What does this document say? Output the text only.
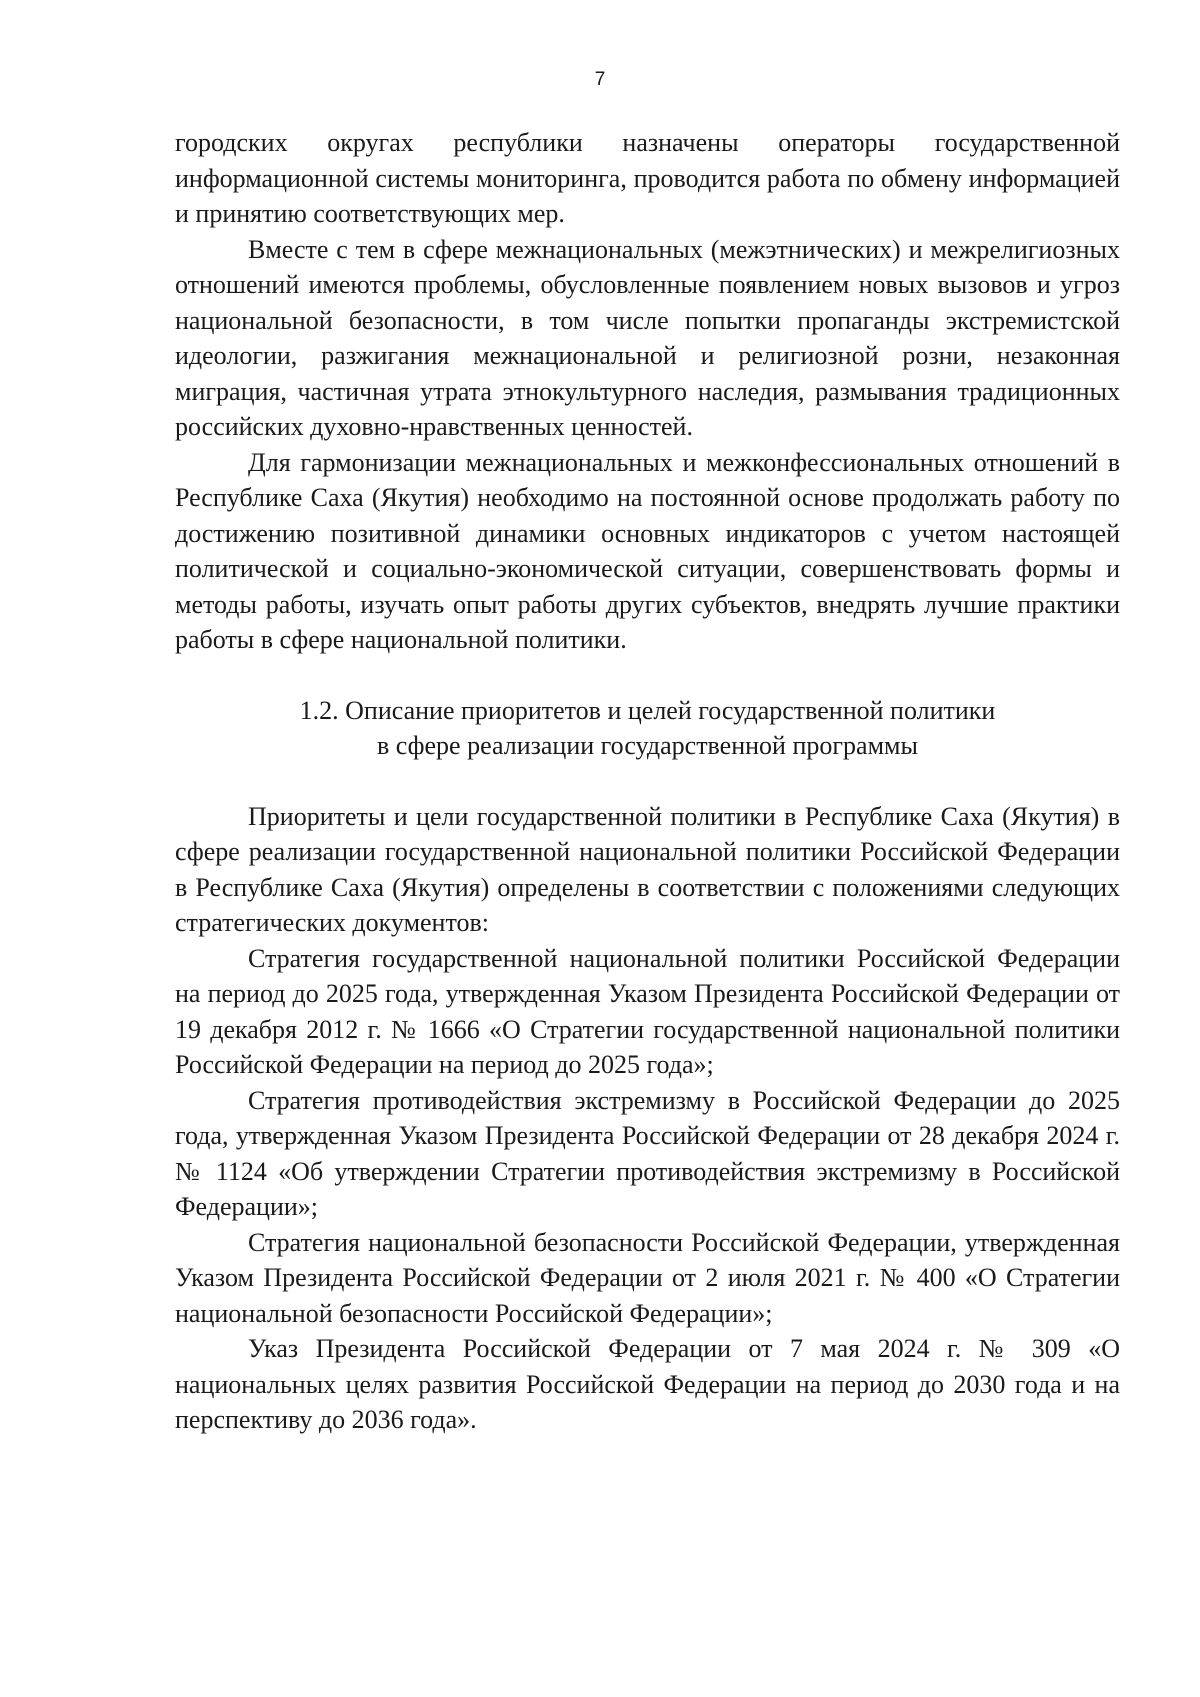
7

городских округах республики назначены операторы государственной информационной системы мониторинга, проводится работа по обмену информацией и принятию соответствующих мер.

Вместе с тем в сфере межнациональных (межэтнических) и межрелигиозных отношений имеются проблемы, обусловленные появлением новых вызовов и угроз национальной безопасности, в том числе попытки пропаганды экстремистской идеологии, разжигания межнациональной и религиозной розни, незаконная миграция, частичная утрата этнокультурного наследия, размывания традиционных российских духовно-нравственных ценностей.

Для гармонизации межнациональных и межконфессиональных отношений в Республике Саха (Якутия) необходимо на постоянной основе продолжать работу по достижению позитивной динамики основных индикаторов с учетом настоящей политической и социально-экономической ситуации, совершенствовать формы и методы работы, изучать опыт работы других субъектов, внедрять лучшие практики работы в сфере национальной политики.

1.2. Описание приоритетов и целей государственной политики
в сфере реализации государственной программы

Приоритеты и цели государственной политики в Республике Саха (Якутия) в сфере реализации государственной национальной политики Российской Федерации в Республике Саха (Якутия) определены в соответствии с положениями следующих стратегических документов:

Стратегия государственной национальной политики Российской Федерации на период до 2025 года, утвержденная Указом Президента Российской Федерации от 19 декабря 2012 г. № 1666 «О Стратегии государственной национальной политики Российской Федерации на период до 2025 года»;

Стратегия противодействия экстремизму в Российской Федерации до 2025 года, утвержденная Указом Президента Российской Федерации от 28 декабря 2024 г. № 1124 «Об утверждении Стратегии противодействия экстремизму в Российской Федерации»;

Стратегия национальной безопасности Российской Федерации, утвержденная Указом Президента Российской Федерации от 2 июля 2021 г. № 400 «О Стратегии национальной безопасности Российской Федерации»;

Указ Президента Российской Федерации от 7 мая 2024 г. № 309 «О национальных целях развития Российской Федерации на период до 2030 года и на перспективу до 2036 года».
